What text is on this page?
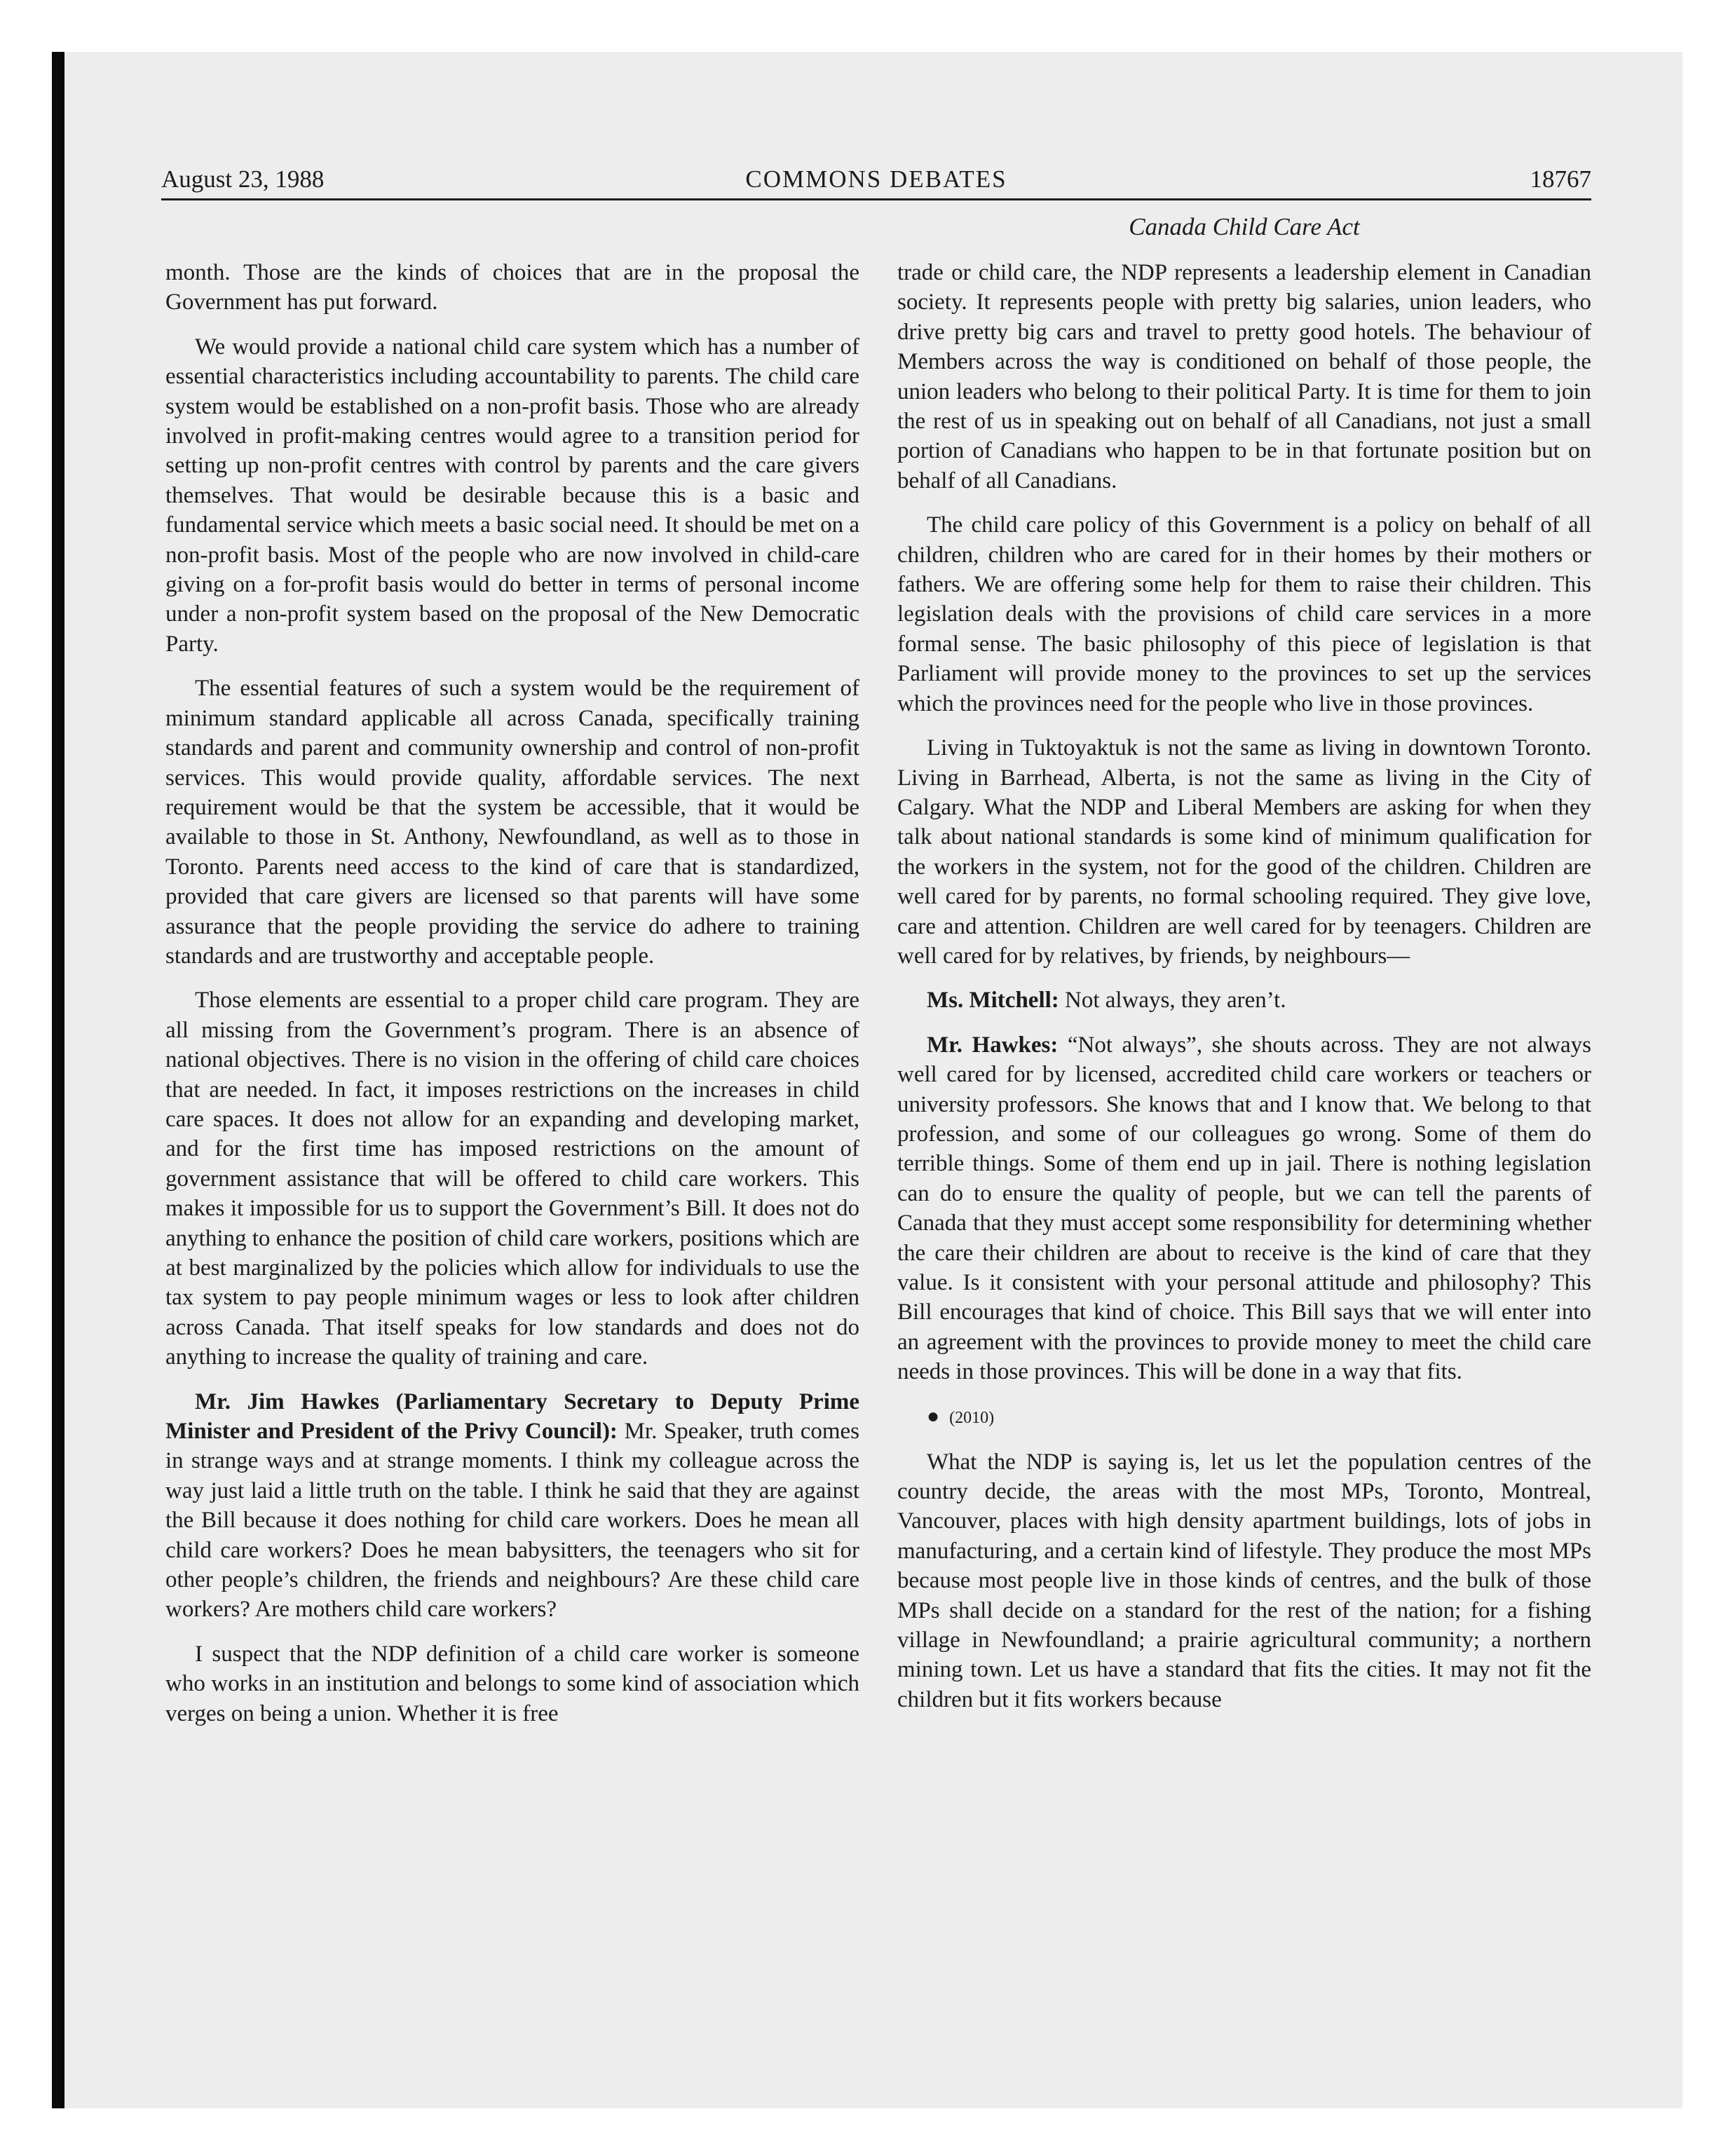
August 23, 1988	COMMONS DEBATES	18767
Canada Child Care Act

month. Those are the kinds of choices that are in the proposal the Government has put forward.

We would provide a national child care system which has a number of essential characteristics including accountability to parents. The child care system would be established on a non-profit basis. Those who are already involved in profit-making centres would agree to a transition period for setting up non-profit centres with control by parents and the care givers themselves. That would be desirable because this is a basic and fundamental service which meets a basic social need. It should be met on a non-profit basis. Most of the people who are now involved in child-care giving on a for-profit basis would do better in terms of personal income under a non-profit system based on the proposal of the New Democratic Party.

The essential features of such a system would be the requirement of minimum standard applicable all across Canada, specifically training standards and parent and community ownership and control of non-profit services. This would provide quality, affordable services. The next requirement would be that the system be accessible, that it would be available to those in St. Anthony, Newfoundland, as well as to those in Toronto. Parents need access to the kind of care that is standardized, provided that care givers are licensed so that parents will have some assurance that the people providing the service do adhere to training standards and are trustworthy and acceptable people.

Those elements are essential to a proper child care program. They are all missing from the Government’s program. There is an absence of national objectives. There is no vision in the offering of child care choices that are needed. In fact, it imposes restrictions on the increases in child care spaces. It does not allow for an expanding and developing market, and for the first time has imposed restrictions on the amount of government assistance that will be offered to child care workers. This makes it impossible for us to support the Government’s Bill. It does not do anything to enhance the position of child care workers, positions which are at best marginalized by the policies which allow for individuals to use the tax system to pay people minimum wages or less to look after children across Canada. That itself speaks for low standards and does not do anything to increase the quality of training and care.

Mr. Jim Hawkes (Parliamentary Secretary to Deputy Prime Minister and President of the Privy Council): Mr. Speaker, truth comes in strange ways and at strange moments. I think my colleague across the way just laid a little truth on the table. I think he said that they are against the Bill because it does nothing for child care workers. Does he mean all child care workers? Does he mean babysitters, the teenagers who sit for other people’s children, the friends and neighbours? Are these child care workers? Are mothers child care workers?

I suspect that the NDP definition of a child care worker is someone who works in an institution and belongs to some kind of association which verges on being a union. Whether it is free

trade or child care, the NDP represents a leadership element in Canadian society. It represents people with pretty big salaries, union leaders, who drive pretty big cars and travel to pretty good hotels. The behaviour of Members across the way is conditioned on behalf of those people, the union leaders who belong to their political Party. It is time for them to join the rest of us in speaking out on behalf of all Canadians, not just a small portion of Canadians who happen to be in that fortunate position but on behalf of all Canadians.

The child care policy of this Government is a policy on behalf of all children, children who are cared for in their homes by their mothers or fathers. We are offering some help for them to raise their children. This legislation deals with the provisions of child care services in a more formal sense. The basic philosophy of this piece of legislation is that Parliament will provide money to the provinces to set up the services which the provinces need for the people who live in those provinces.

Living in Tuktoyaktuk is not the same as living in downtown Toronto. Living in Barrhead, Alberta, is not the same as living in the City of Calgary. What the NDP and Liberal Members are asking for when they talk about national standards is some kind of minimum qualification for the workers in the system, not for the good of the children. Children are well cared for by parents, no formal schooling required. They give love, care and attention. Children are well cared for by teenagers. Children are well cared for by relatives, by friends, by neighbours—

Ms. Mitchell: Not always, they aren’t.

Mr. Hawkes: “Not always”, she shouts across. They are not always well cared for by licensed, accredited child care workers or teachers or university professors. She knows that and I know that. We belong to that profession, and some of our colleagues go wrong. Some of them do terrible things. Some of them end up in jail. There is nothing legislation can do to ensure the quality of people, but we can tell the parents of Canada that they must accept some responsibility for determining whether the care their children are about to receive is the kind of care that they value. Is it consistent with your personal attitude and philosophy? This Bill encourages that kind of choice. This Bill says that we will enter into an agreement with the provinces to provide money to meet the child care needs in those provinces. This will be done in a way that fits.

● (2010)

What the NDP is saying is, let us let the population centres of the country decide, the areas with the most MPs, Toronto, Montreal, Vancouver, places with high density apartment buildings, lots of jobs in manufacturing, and a certain kind of lifestyle. They produce the most MPs because most people live in those kinds of centres, and the bulk of those MPs shall decide on a standard for the rest of the nation; for a fishing village in Newfoundland; a prairie agricultural community; a northern mining town. Let us have a standard that fits the cities. It may not fit the children but it fits workers because
